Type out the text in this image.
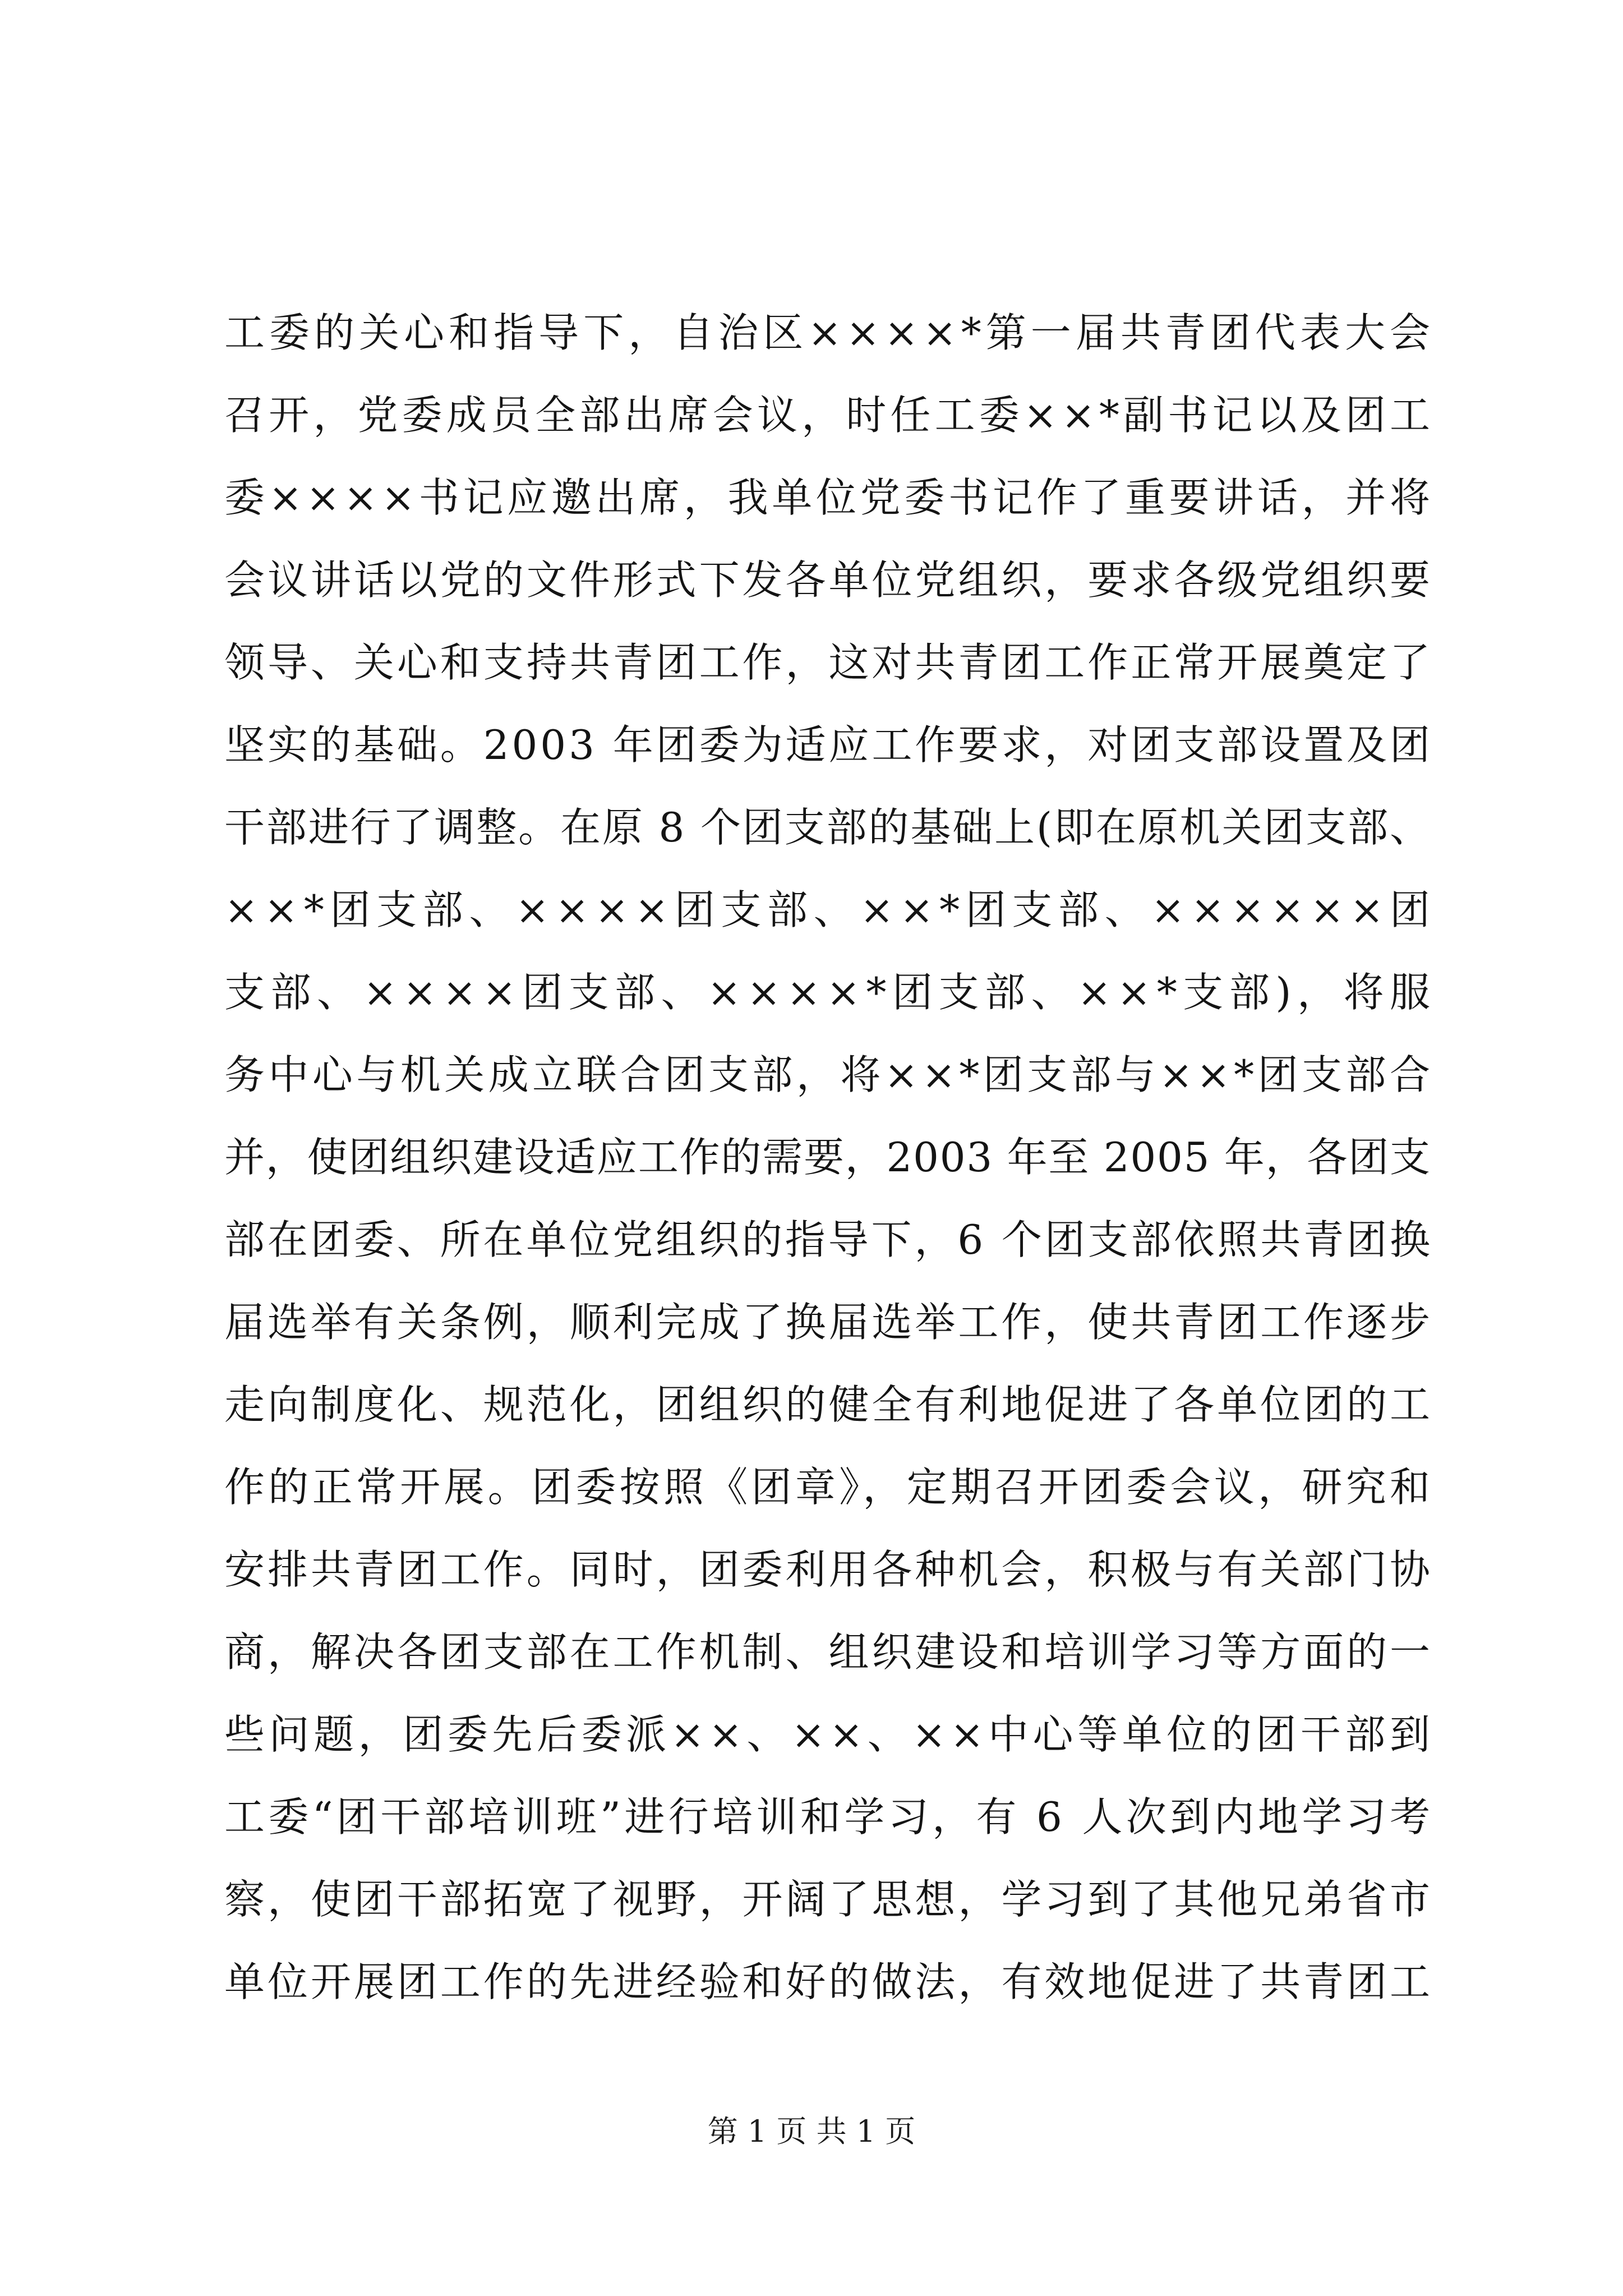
工委的关心和指导下，自治区××××*第一届共青团代表大会
召开，党委成员全部出席会议，时任工委××*副书记以及团工
委××××书记应邀出席，我单位党委书记作了重要讲话，并将
会议讲话以党的文件形式下发各单位党组织，要求各级党组织要
领导、关心和支持共青团工作，这对共青团工作正常开展奠定了
坚实的基础。2003 年团委为适应工作要求，对团支部设置及团
干部进行了调整。在原 8 个团支部的基础上(即在原机关团支部、
××*团支部、××××团支部、××*团支部、××××××团
支部、××××团支部、××××*团支部、××*支部)，将服
务中心与机关成立联合团支部，将××*团支部与××*团支部合
并，使团组织建设适应工作的需要，2003 年至 2005 年，各团支
部在团委、所在单位党组织的指导下，6 个团支部依照共青团换
届选举有关条例，顺利完成了换届选举工作，使共青团工作逐步
走向制度化、规范化，团组织的健全有利地促进了各单位团的工
作的正常开展。团委按照《团章》，定期召开团委会议，研究和
安排共青团工作。同时，团委利用各种机会，积极与有关部门协
商，解决各团支部在工作机制、组织建设和培训学习等方面的一
些问题，团委先后委派××、××、××中心等单位的团干部到
工委“团干部培训班”进行培训和学习，有 6 人次到内地学习考
察，使团干部拓宽了视野，开阔了思想，学习到了其他兄弟省市
单位开展团工作的先进经验和好的做法，有效地促进了共青团工
第 1 页 共 1 页
